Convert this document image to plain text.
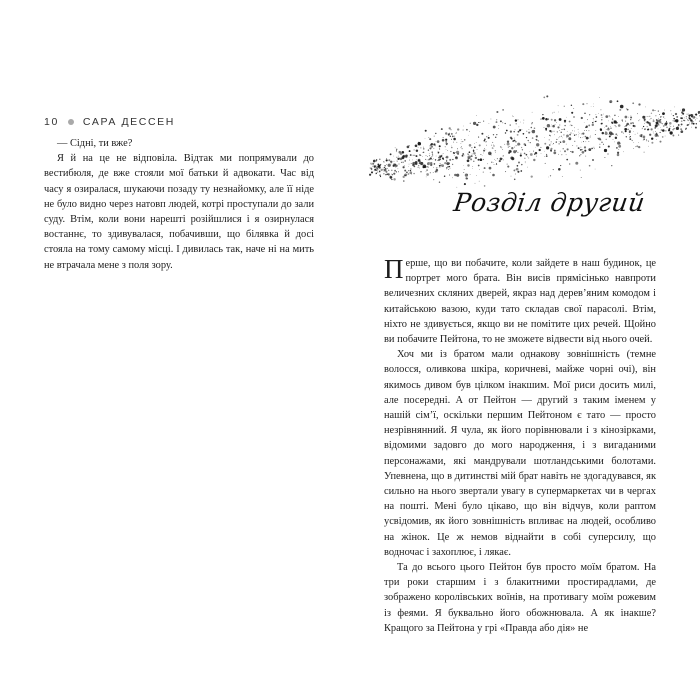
10 САРА ДЕССЕН

— Сідні, ти вже?

Я й на це не відповіла. Відтак ми попрямували до вестибюля, де вже стояли мої батьки й адвокати. Час від часу я озиралася, шукаючи позаду ту незнайомку, але її ніде не було видно через натовп людей, котрі проступали до зали суду. Втім, коли вони нарешті розійшлися і я озирнулася востаннє, то здивувалася, побачивши, що білявка й досі стояла на тому самому місці. І дивилась так, наче ні на мить не втрачала мене з поля зору.

Розділ другий

Перше, що ви побачите, коли зайдете в наш будинок, це портрет мого брата. Він висів прямісінько навпроти величезних скляних дверей, якраз над дерев’яним комодом і китайською вазою, куди тато складав свої парасолі. Втім, ніхто не здивується, якщо ви не помітите цих речей. Щойно ви побачите Пейтона, то не зможете відвести від нього очей.

Хоч ми із братом мали однакову зовнішність (темне волосся, оливкова шкіра, коричневі, майже чорні очі), він якимось дивом був цілком інакшим. Мої риси досить милі, але посередні. А от Пейтон — другий з таким іменем у нашій сім’ї, оскільки першим Пейтоном є тато — просто незрівнянний. Я чула, як його порівнювали і з кінозірками, відомими задовго до мого народження, і з вигаданими персонажами, які мандрували шотландськими болотами. Упевнена, що в дитинстві мій брат навіть не здогадувався, як сильно на нього звертали увагу в супермаркетах чи в чергах на пошті. Мені було цікаво, що він відчув, коли раптом усвідомив, як його зовнішність впливає на людей, особливо на жінок. Це ж немов віднайти в собі суперсилу, що водночас і захоплює, і лякає.

Та до всього цього Пейтон був просто моїм братом. На три роки старшим і з блакитними простирадлами, де зображено королівських воїнів, на противагу моїм рожевим із феями. Я буквально його обожнювала. А як інакше? Кращого за Пейтона у грі «Правда або дія» не
